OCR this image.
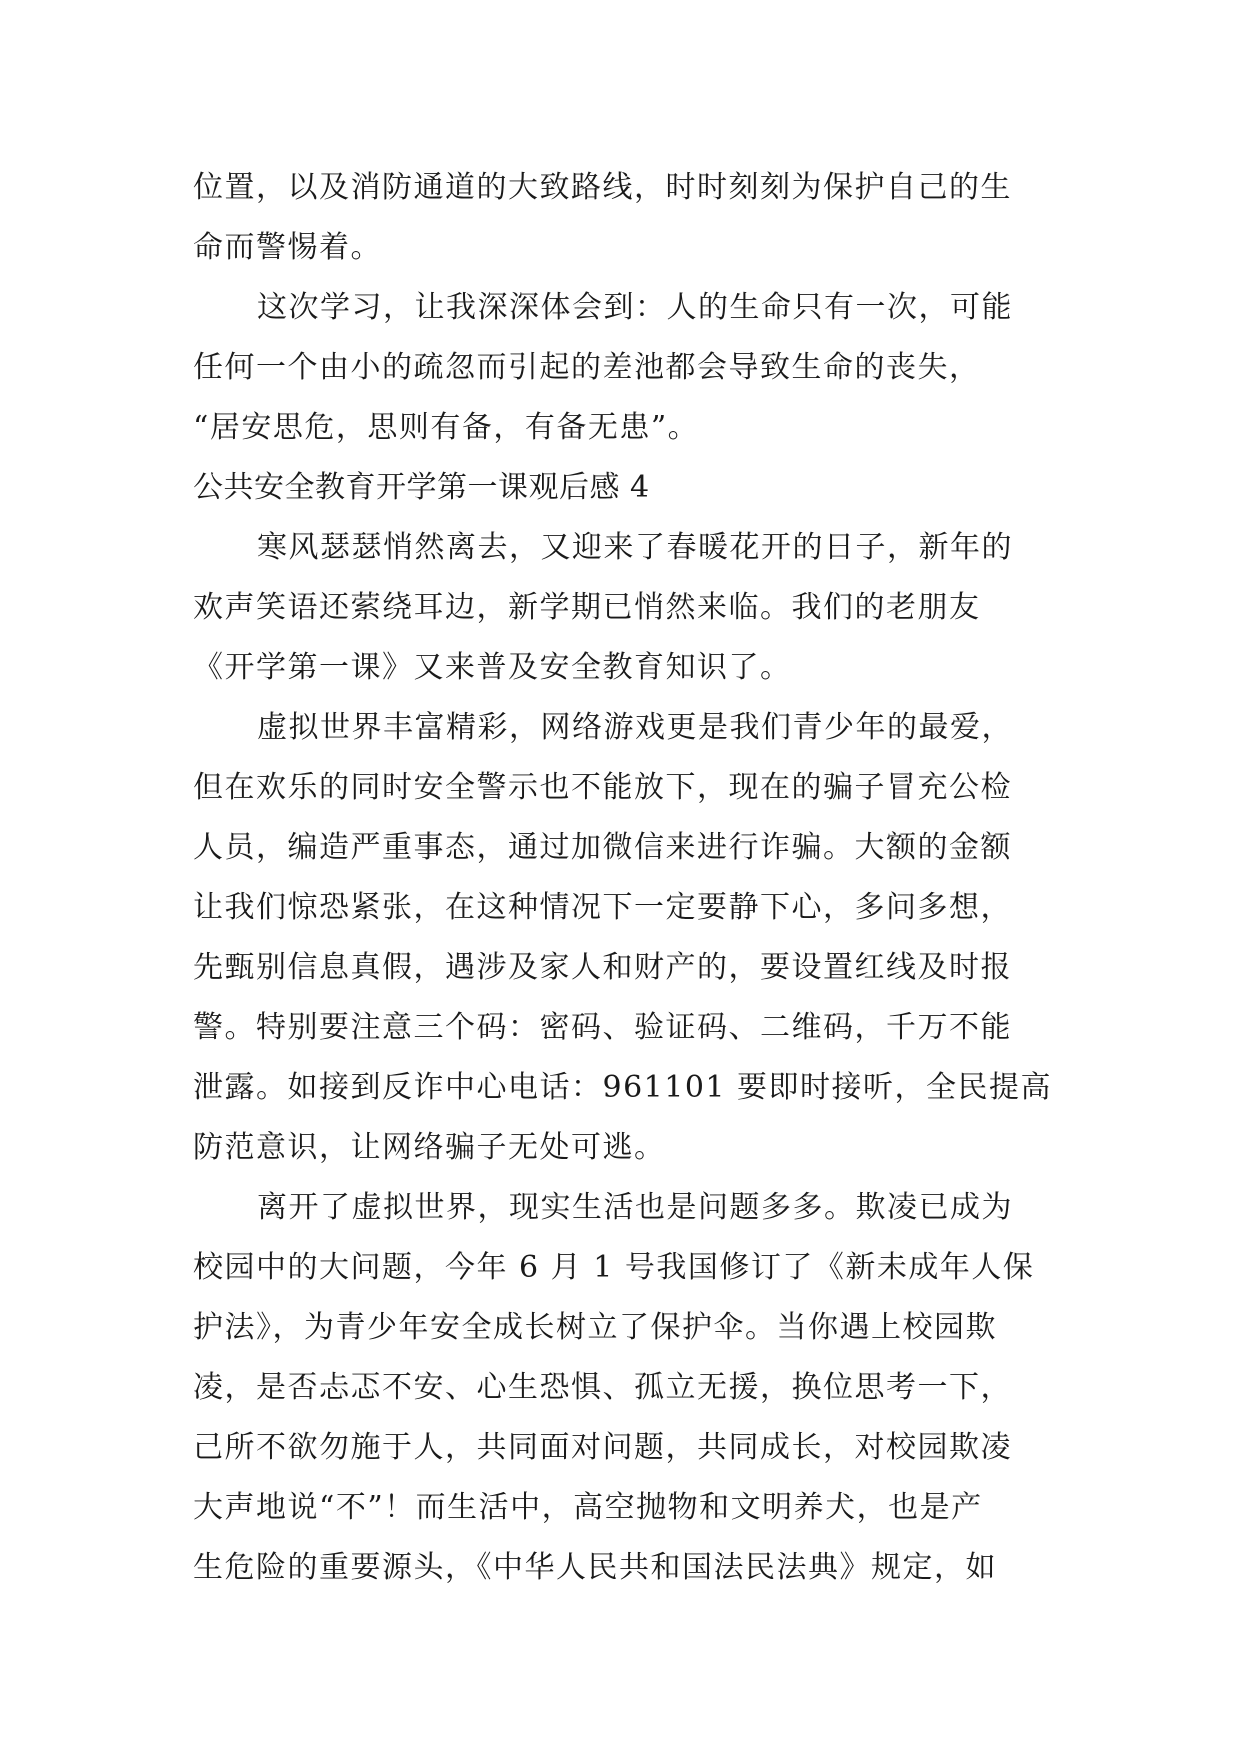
位置，以及消防通道的大致路线，时时刻刻为保护自己的生
命而警惕着。
这次学习，让我深深体会到：人的生命只有一次，可能
任何一个由小的疏忽而引起的差池都会导致生命的丧失，
“居安思危，思则有备，有备无患”。
公共安全教育开学第一课观后感 4
寒风瑟瑟悄然离去，又迎来了春暖花开的日子，新年的
欢声笑语还萦绕耳边，新学期已悄然来临。我们的老朋友
《开学第一课》又来普及安全教育知识了。
虚拟世界丰富精彩，网络游戏更是我们青少年的最爱，
但在欢乐的同时安全警示也不能放下，现在的骗子冒充公检
人员，编造严重事态，通过加微信来进行诈骗。大额的金额
让我们惊恐紧张，在这种情况下一定要静下心，多问多想，
先甄别信息真假，遇涉及家人和财产的，要设置红线及时报
警。特别要注意三个码：密码、验证码、二维码，千万不能
泄露。如接到反诈中心电话：961101 要即时接听，全民提高
防范意识，让网络骗子无处可逃。
离开了虚拟世界，现实生活也是问题多多。欺凌已成为
校园中的大问题，今年 6 月 1 号我国修订了《新未成年人保
护法》，为青少年安全成长树立了保护伞。当你遇上校园欺
凌，是否忐忑不安、心生恐惧、孤立无援，换位思考一下，
己所不欲勿施于人，共同面对问题，共同成长，对校园欺凌
大声地说“不”！而生活中，高空抛物和文明养犬，也是产
生危险的重要源头，《中华人民共和国法民法典》规定，如
